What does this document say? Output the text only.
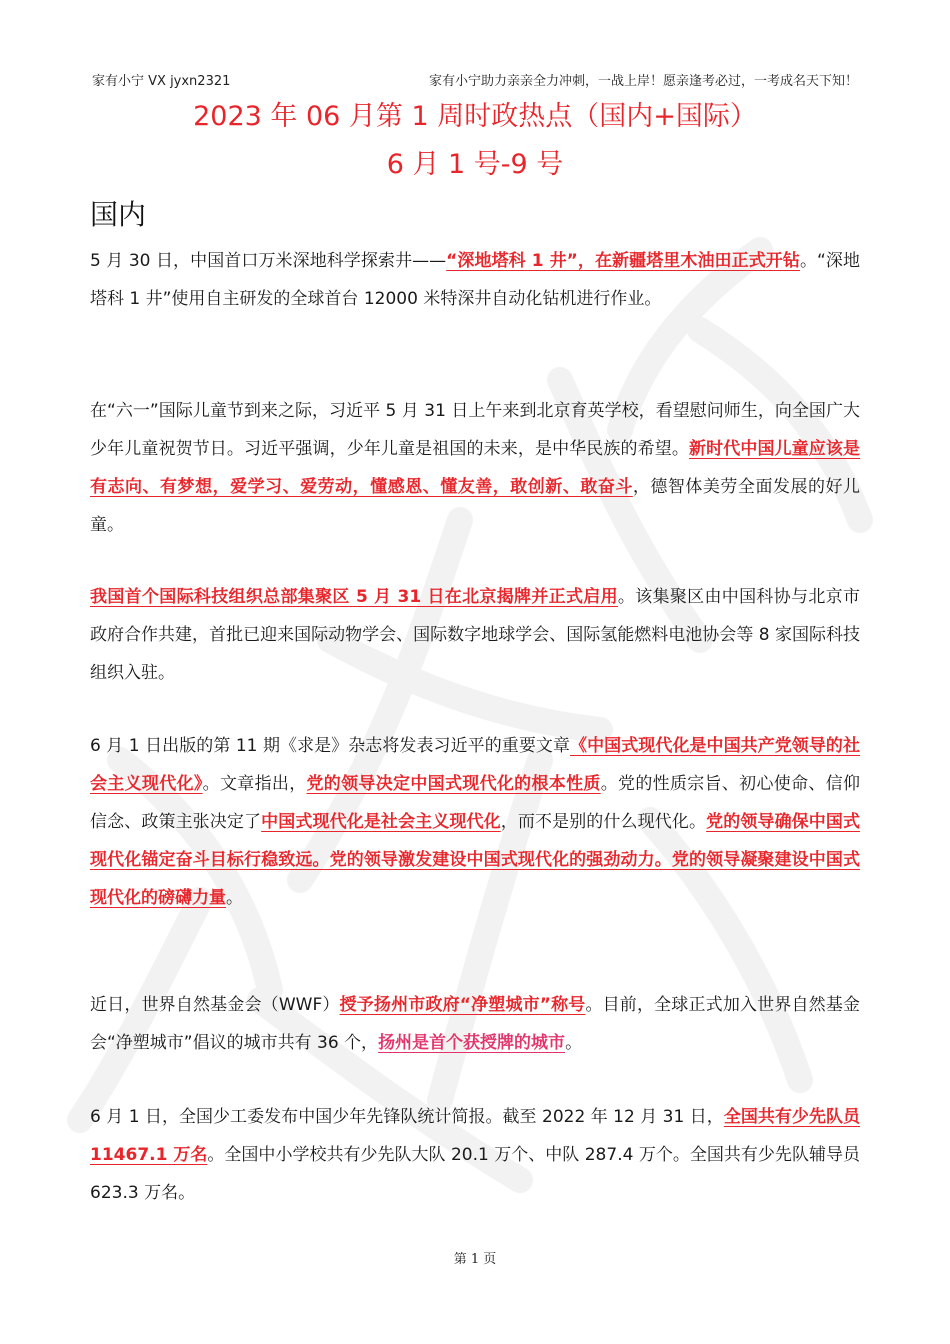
家有小宁 VX jyxn2321	家有小宁助力亲亲全力冲刺，一战上岸！愿亲逢考必过，一考成名天下知！
2023 年 06 月第 1 周时政热点（国内+国际）
6 月 1 号-9 号
国内

5 月 30 日，中国首口万米深地科学探索井——“深地塔科 1 井”，在新疆塔里木油田正式开钻。“深地塔科 1 井”使用自主研发的全球首台 12000 米特深井自动化钻机进行作业。

在“六一”国际儿童节到来之际，习近平 5 月 31 日上午来到北京育英学校，看望慰问师生，向全国广大少年儿童祝贺节日。习近平强调，少年儿童是祖国的未来，是中华民族的希望。新时代中国儿童应该是有志向、有梦想，爱学习、爱劳动，懂感恩、懂友善，敢创新、敢奋斗，德智体美劳全面发展的好儿童。

我国首个国际科技组织总部集聚区 5 月 31 日在北京揭牌并正式启用。该集聚区由中国科协与北京市政府合作共建，首批已迎来国际动物学会、国际数字地球学会、国际氢能燃料电池协会等 8 家国际科技组织入驻。

6 月 1 日出版的第 11 期《求是》杂志将发表习近平的重要文章《中国式现代化是中国共产党领导的社会主义现代化》。文章指出，党的领导决定中国式现代化的根本性质。党的性质宗旨、初心使命、信仰信念、政策主张决定了中国式现代化是社会主义现代化，而不是别的什么现代化。党的领导确保中国式现代化锚定奋斗目标行稳致远。党的领导激发建设中国式现代化的强劲动力。党的领导凝聚建设中国式现代化的磅礴力量。

近日，世界自然基金会（WWF）授予扬州市政府“净塑城市”称号。目前，全球正式加入世界自然基金会“净塑城市”倡议的城市共有 36 个，扬州是首个获授牌的城市。

6 月 1 日，全国少工委发布中国少年先锋队统计简报。截至 2022 年 12 月 31 日，全国共有少先队员 11467.1 万名。全国中小学校共有少先队大队 20.1 万个、中队 287.4 万个。全国共有少先队辅导员 623.3 万名。

第 1 页
